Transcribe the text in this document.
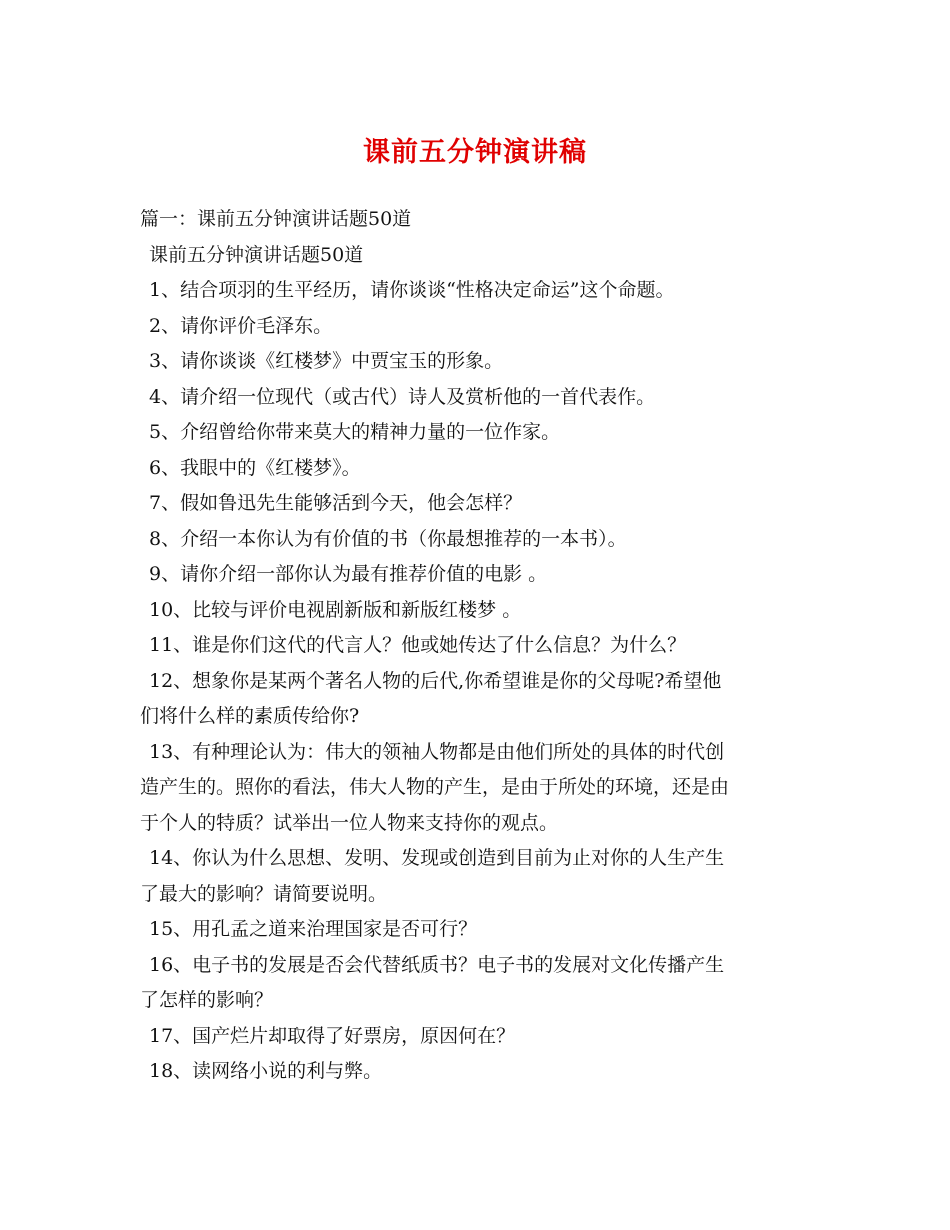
课前五分钟演讲稿
篇一：课前五分钟演讲话题50道
课前五分钟演讲话题50道
1、结合项羽的生平经历，请你谈谈“性格决定命运”这个命题。
2、请你评价毛泽东。
3、请你谈谈《红楼梦》中贾宝玉的形象。
4、请介绍一位现代（或古代）诗人及赏析他的一首代表作。
5、介绍曾给你带来莫大的精神力量的一位作家。
6、我眼中的《红楼梦》。
7、假如鲁迅先生能够活到今天，他会怎样？
8、介绍一本你认为有价值的书（你最想推荐的一本书）。
9、请你介绍一部你认为最有推荐价值的电影 。
10、比较与评价电视剧新版和新版红楼梦 。
11、谁是你们这代的代言人？他或她传达了什么信息？为什么？
12、想象你是某两个著名人物的后代,你希望谁是你的父母呢?希望他
们将什么样的素质传给你?
13、有种理论认为：伟大的领袖人物都是由他们所处的具体的时代创
造产生的。照你的看法，伟大人物的产生，是由于所处的环境，还是由
于个人的特质？试举出一位人物来支持你的观点。
14、你认为什么思想、发明、发现或创造到目前为止对你的人生产生
了最大的影响？请简要说明。
15、用孔孟之道来治理国家是否可行？
16、电子书的发展是否会代替纸质书？电子书的发展对文化传播产生
了怎样的影响？
17、国产烂片却取得了好票房，原因何在？
18、读网络小说的利与弊。
